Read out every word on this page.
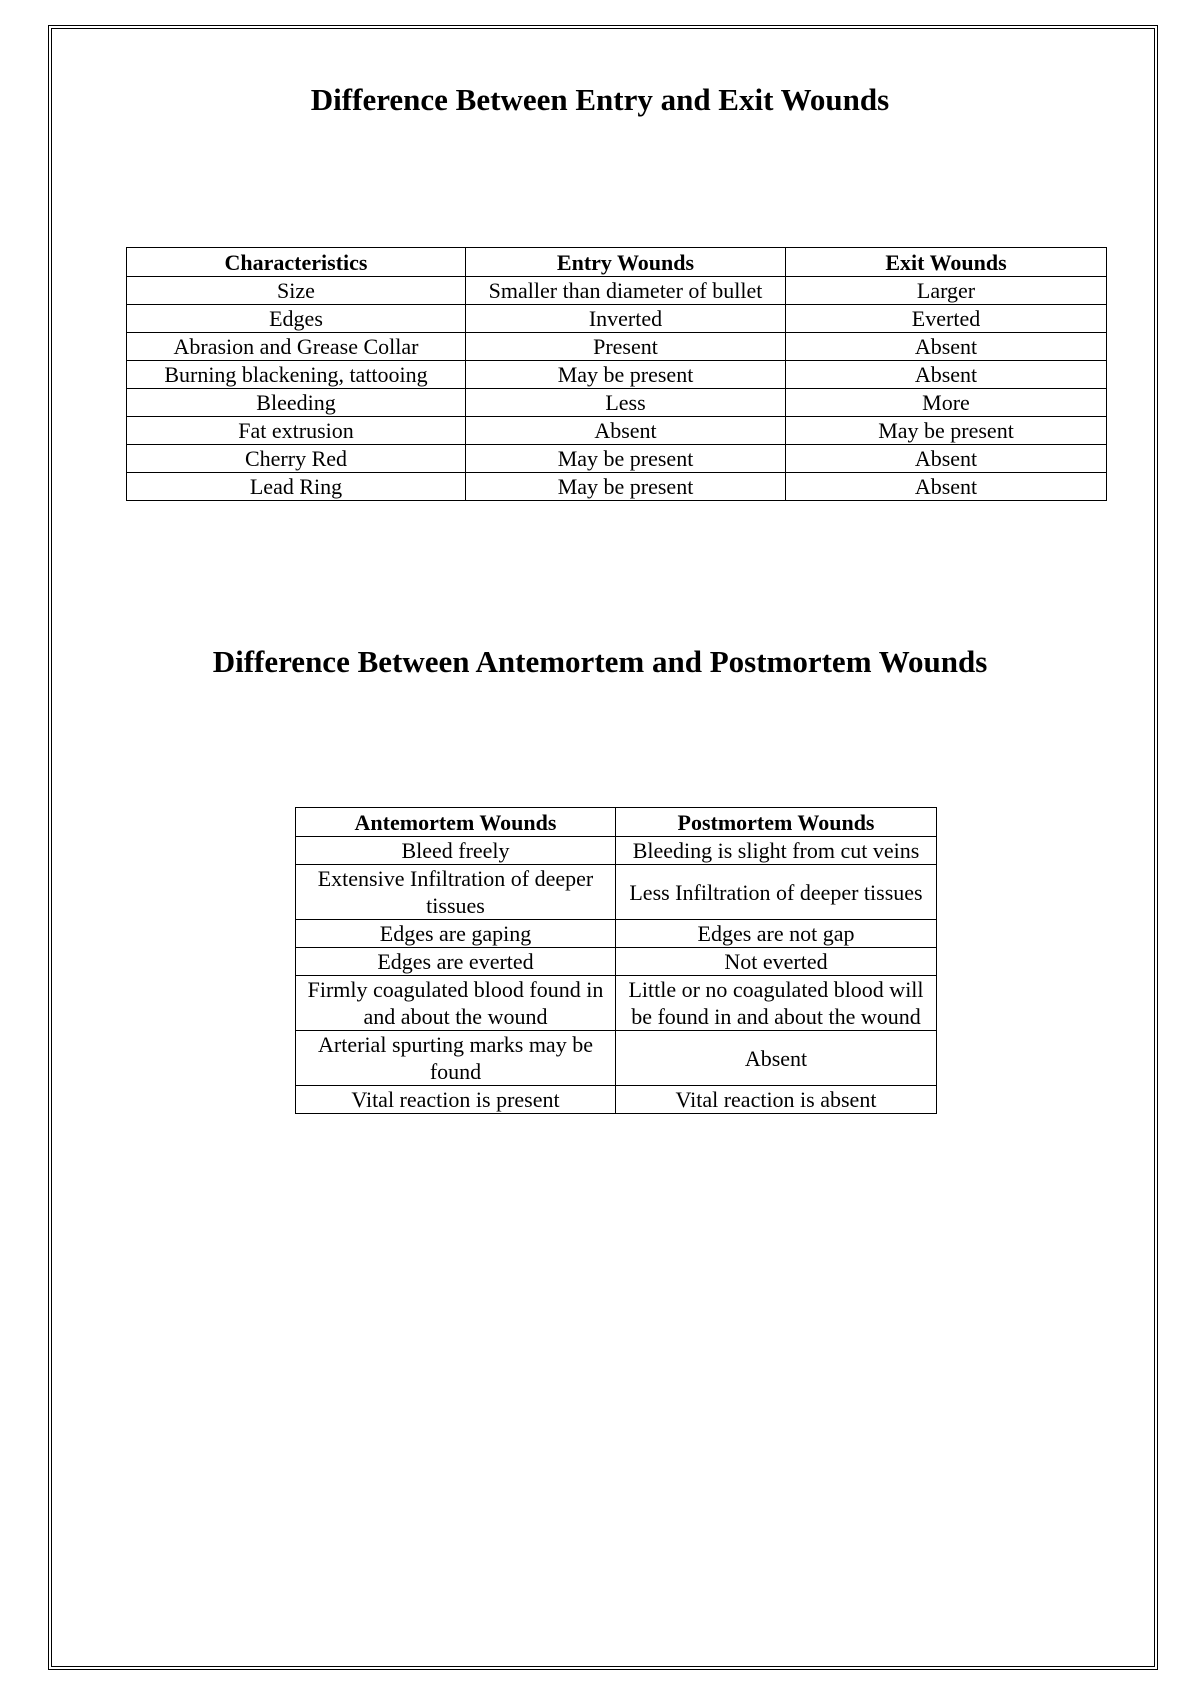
Difference Between Entry and Exit Wounds
Characteristics	Entry Wounds	Exit Wounds
Size	Smaller than diameter of bullet	Larger
Edges	Inverted	Everted
Abrasion and Grease Collar	Present	Absent
Burning blackening, tattooing	May be present	Absent
Bleeding	Less	More
Fat extrusion	Absent	May be present
Cherry Red	May be present	Absent
Lead Ring	May be present	Absent
Difference Between Antemortem and Postmortem Wounds
Antemortem Wounds	Postmortem Wounds
Bleed freely	Bleeding is slight from cut veins
Extensive Infiltration of deeper tissues	Less Infiltration of deeper tissues
Edges are gaping	Edges are not gap
Edges are everted	Not everted
Firmly coagulated blood found in and about the wound	Little or no coagulated blood will be found in and about the wound
Arterial spurting marks may be found	Absent
Vital reaction is present	Vital reaction is absent
